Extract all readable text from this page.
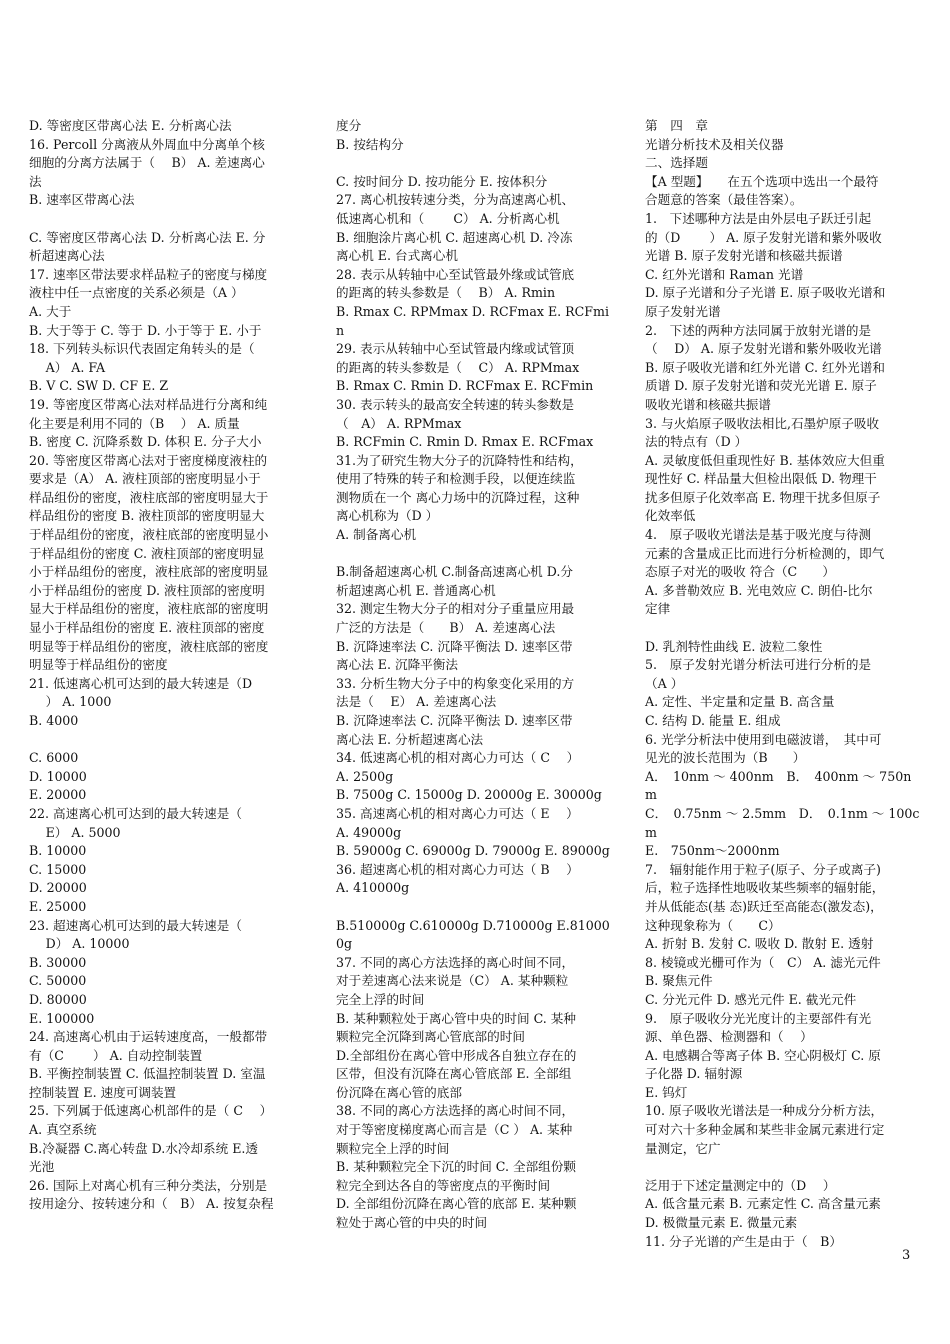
D. 等密度区带离心法 E. 分析离心法
16. Percoll 分离液从外周血中分离单个核
细胞的分离方法属于（　 B） A. 差速离心
法
B. 速率区带离心法
C. 等密度区带离心法 D. 分析离心法 E. 分
析超速离心法
17. 速率区带法要求样品粒子的密度与梯度
液柱中任一点密度的关系必须是（A ）
A. 大于
B. 大于等于 C. 等于 D. 小于等于 E. 小于
18. 下列转头标识代表固定角转头的是（
　 A） A. FA
B. V C. SW D. CF E. Z
19. 等密度区带离心法对样品进行分离和纯
化主要是利用不同的（B　 ） A. 质量
B. 密度 C. 沉降系数 D. 体积 E. 分子大小
20. 等密度区带离心法对于密度梯度液柱的
要求是（A） A. 液柱顶部的密度明显小于
样品组份的密度，液柱底部的密度明显大于
样品组份的密度 B. 液柱顶部的密度明显大
于样品组份的密度，液柱底部的密度明显小
于样品组份的密度 C. 液柱顶部的密度明显
小于样品组份的密度，液柱底部的密度明显
小于样品组份的密度 D. 液柱顶部的密度明
显大于样品组份的密度，液柱底部的密度明
显小于样品组份的密度 E. 液柱顶部的密度
明显等于样品组份的密度，液柱底部的密度
明显等于样品组份的密度
21. 低速离心机可达到的最大转速是（D
　 ） A. 1000
B. 4000
C. 6000
D. 10000
E. 20000
22. 高速离心机可达到的最大转速是（
　 E） A. 5000
B. 10000
C. 15000
D. 20000
E. 25000
23. 超速离心机可达到的最大转速是（
　 D） A. 10000
B. 30000
C. 50000
D. 80000
E. 100000
24. 高速离心机由于运转速度高，一般都带
有（C　　 ） A. 自动控制装置
B. 平衡控制装置 C. 低温控制装置 D. 室温
控制装置 E. 速度可调装置
25. 下列属于低速离心机部件的是（ C　 ）
A. 真空系统
B.冷凝器 C.离心转盘 D.水冷却系统 E.透
光池
26. 国际上对离心机有三种分类法，分别是
按用途分、按转速分和（　B） A. 按复杂程
度分
B. 按结构分
C. 按时间分 D. 按功能分 E. 按体积分
27. 离心机按转速分类，分为高速离心机、
低速离心机和（　　 C） A. 分析离心机
B. 细胞涂片离心机 C. 超速离心机 D. 冷冻
离心机 E. 台式离心机
28. 表示从转轴中心至试管最外缘或试管底
的距离的转头参数是（　 B） A. Rmin
B. Rmax C. RPMmax D. RCFmax E. RCFmin
29. 表示从转轴中心至试管最内缘或试管顶
的距离的转头参数是（　 C） A. RPMmax
B. Rmax C. Rmin D. RCFmax E. RCFmin
30. 表示转头的最高安全转速的转头参数是
（　A） A. RPMmax
B. RCFmin C. Rmin D. Rmax E. RCFmax
31.为了研究生物大分子的沉降特性和结构，
使用了特殊的转子和检测手段，以便连续监
测物质在一个 离心力场中的沉降过程，这种
离心机称为（D ）
A. 制备离心机
B.制备超速离心机 C.制备高速离心机 D.分
析超速离心机 E. 普通离心机
32. 测定生物大分子的相对分子重量应用最
广泛的方法是（　　B） A. 差速离心法
B. 沉降速率法 C. 沉降平衡法 D. 速率区带
离心法 E. 沉降平衡法
33. 分析生物大分子中的构象变化采用的方
法是（　 E） A. 差速离心法
B. 沉降速率法 C. 沉降平衡法 D. 速率区带
离心法 E. 分析超速离心法
34. 低速离心机的相对离心力可达（ C　 ）
A. 2500g
B. 7500g C. 15000g D. 20000g E. 30000g
35. 高速离心机的相对离心力可达（ E　 ）
A. 49000g
B. 59000g C. 69000g D. 79000g E. 89000g
36. 超速离心机的相对离心力可达（ B　 ）
A. 410000g
B.510000g C.610000g D.710000g E.810000g
37. 不同的离心方法选择的离心时间不同，
对于差速离心法来说是（C） A. 某种颗粒
完全上浮的时间
B. 某种颗粒处于离心管中央的时间 C. 某种
颗粒完全沉降到离心管底部的时间
D.全部组份在离心管中形成各自独立存在的
区带，但没有沉降在离心管底部 E. 全部组
份沉降在离心管的底部
38. 不同的离心方法选择的离心时间不同，
对于等密度梯度离心而言是（C ） A. 某种
颗粒完全上浮的时间
B. 某种颗粒完全下沉的时间 C. 全部组份颗
粒完全到达各自的等密度点的平衡时间
D. 全部组份沉降在离心管的底部 E. 某种颗
粒处于离心管的中央的时间
第　四　章
光谱分析技术及相关仪器
二、选择题
【A 型题】　　在五个选项中选出一个最符
合题意的答案（最佳答案）。
1.　下述哪种方法是由外层电子跃迁引起
的（D　　 ） A. 原子发射光谱和紫外吸收
光谱 B. 原子发射光谱和核磁共振谱
C. 红外光谱和 Raman 光谱
D. 原子光谱和分子光谱 E. 原子吸收光谱和
原子发射光谱
2.　下述的两种方法同属于放射光谱的是
（　 D） A. 原子发射光谱和紫外吸收光谱
B. 原子吸收光谱和红外光谱 C. 红外光谱和
质谱 D. 原子发射光谱和荧光光谱 E. 原子
吸收光谱和核磁共振谱
3. 与火焰原子吸收法相比,石墨炉原子吸收
法的特点有（D ）
A. 灵敏度低但重现性好 B. 基体效应大但重
现性好 C. 样品量大但检出限低 D. 物理干
扰多但原子化效率高 E. 物理干扰多但原子
化效率低
4.　原子吸收光谱法是基于吸光度与待测
元素的含量成正比而进行分析检测的，即气
态原子对光的吸收 符合（C　　）
A. 多普勒效应 B. 光电效应 C. 朗伯-比尔
定律
D. 乳剂特性曲线 E. 波粒二象性
5.　原子发射光谱分析法可进行分析的是
（A ）
A. 定性、半定量和定量 B. 高含量
C. 结构 D. 能量 E. 组成
6. 光学分析法中使用到电磁波谱，　其中可
见光的波长范围为（B　　）
A．　10nm ～ 400nm　B．　400nm ～ 750nm
C．　0.75nm ～ 2.5mm　D．　0.1nm ～ 100cm
E.　750nm～2000nm
7.　辐射能作用于粒子(原子、分子或离子)
后，粒子选择性地吸收某些频率的辐射能，
并从低能态(基 态)跃迁至高能态(激发态)，
这种现象称为（　　C）
A. 折射 B. 发射 C. 吸收 D. 散射 E. 透射
8. 棱镜或光栅可作为（　C） A. 滤光元件
B. 聚焦元件
C. 分光元件 D. 感光元件 E. 截光元件
9.　原子吸收分光光度计的主要部件有光
源、单色器、检测器和（　 ）
A. 电感耦合等离子体 B. 空心阴极灯 C. 原
子化器 D. 辐射源
E. 钨灯
10. 原子吸收光谱法是一种成分分析方法，
可对六十多种金属和某些非金属元素进行定
量测定，它广
泛用于下述定量测定中的（D　 ）
A. 低含量元素 B. 元素定性 C. 高含量元素
D. 极微量元素 E. 微量元素
11. 分子光谱的产生是由于（　B）
3
